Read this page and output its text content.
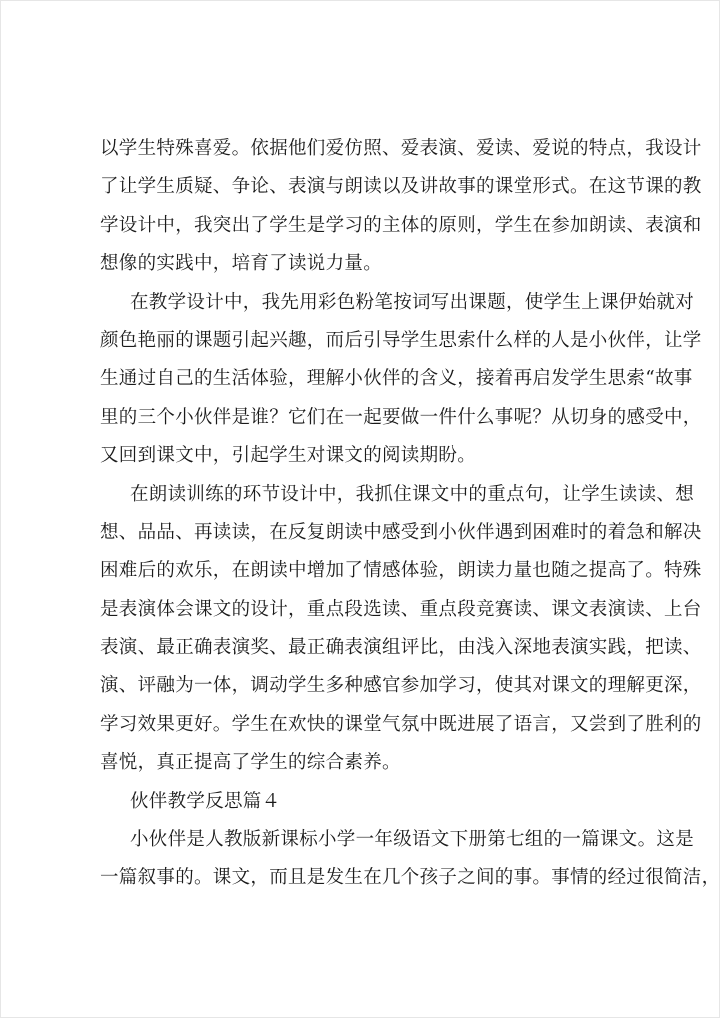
以学生特殊喜爱。依据他们爱仿照、爱表演、爱读、爱说的特点，我设计
了让学生质疑、争论、表演与朗读以及讲故事的课堂形式。在这节课的教
学设计中，我突出了学生是学习的主体的原则，学生在参加朗读、表演和
想像的实践中，培育了读说力量。
在教学设计中，我先用彩色粉笔按词写出课题，使学生上课伊始就对
颜色艳丽的课题引起兴趣，而后引导学生思索什么样的人是小伙伴，让学
生通过自己的生活体验，理解小伙伴的含义，接着再启发学生思索“故事
里的三个小伙伴是谁？它们在一起要做一件什么事呢？从切身的感受中，
又回到课文中，引起学生对课文的阅读期盼。
在朗读训练的环节设计中，我抓住课文中的重点句，让学生读读、想
想、品品、再读读，在反复朗读中感受到小伙伴遇到困难时的着急和解决
困难后的欢乐，在朗读中增加了情感体验，朗读力量也随之提高了。特殊
是表演体会课文的设计，重点段选读、重点段竞赛读、课文表演读、上台
表演、最正确表演奖、最正确表演组评比，由浅入深地表演实践，把读、
演、评融为一体，调动学生多种感官参加学习，使其对课文的理解更深，
学习效果更好。学生在欢快的课堂气氛中既进展了语言，又尝到了胜利的
喜悦，真正提高了学生的综合素养。
伙伴教学反思篇４
小伙伴是人教版新课标小学一年级语文下册第七组的一篇课文。这是
一篇叙事的。课文，而且是发生在几个孩子之间的事。事情的经过很简洁，
